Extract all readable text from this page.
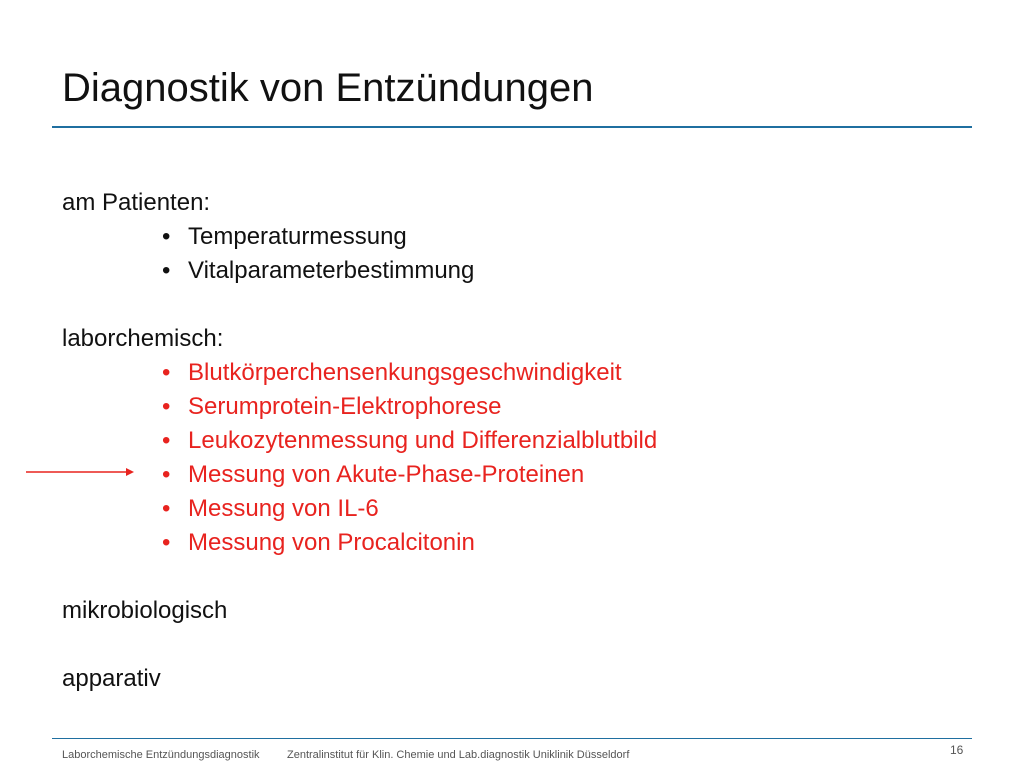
Diagnostik von Entzündungen
am Patienten:
• Temperaturmessung
• Vitalparameterbestimmung
laborchemisch:
• Blutkörperchensenkungsgeschwindigkeit
• Serumprotein-Elektrophorese
• Leukozytenmessung und Differenzialblutbild
• Messung von Akute-Phase-Proteinen
• Messung von IL-6
• Messung von Procalcitonin
mikrobiologisch
apparativ
Laborchemische Entzündungsdiagnostik Zentralinstitut für Klin. Chemie und Lab.diagnostik Uniklinik Düsseldorf	16
